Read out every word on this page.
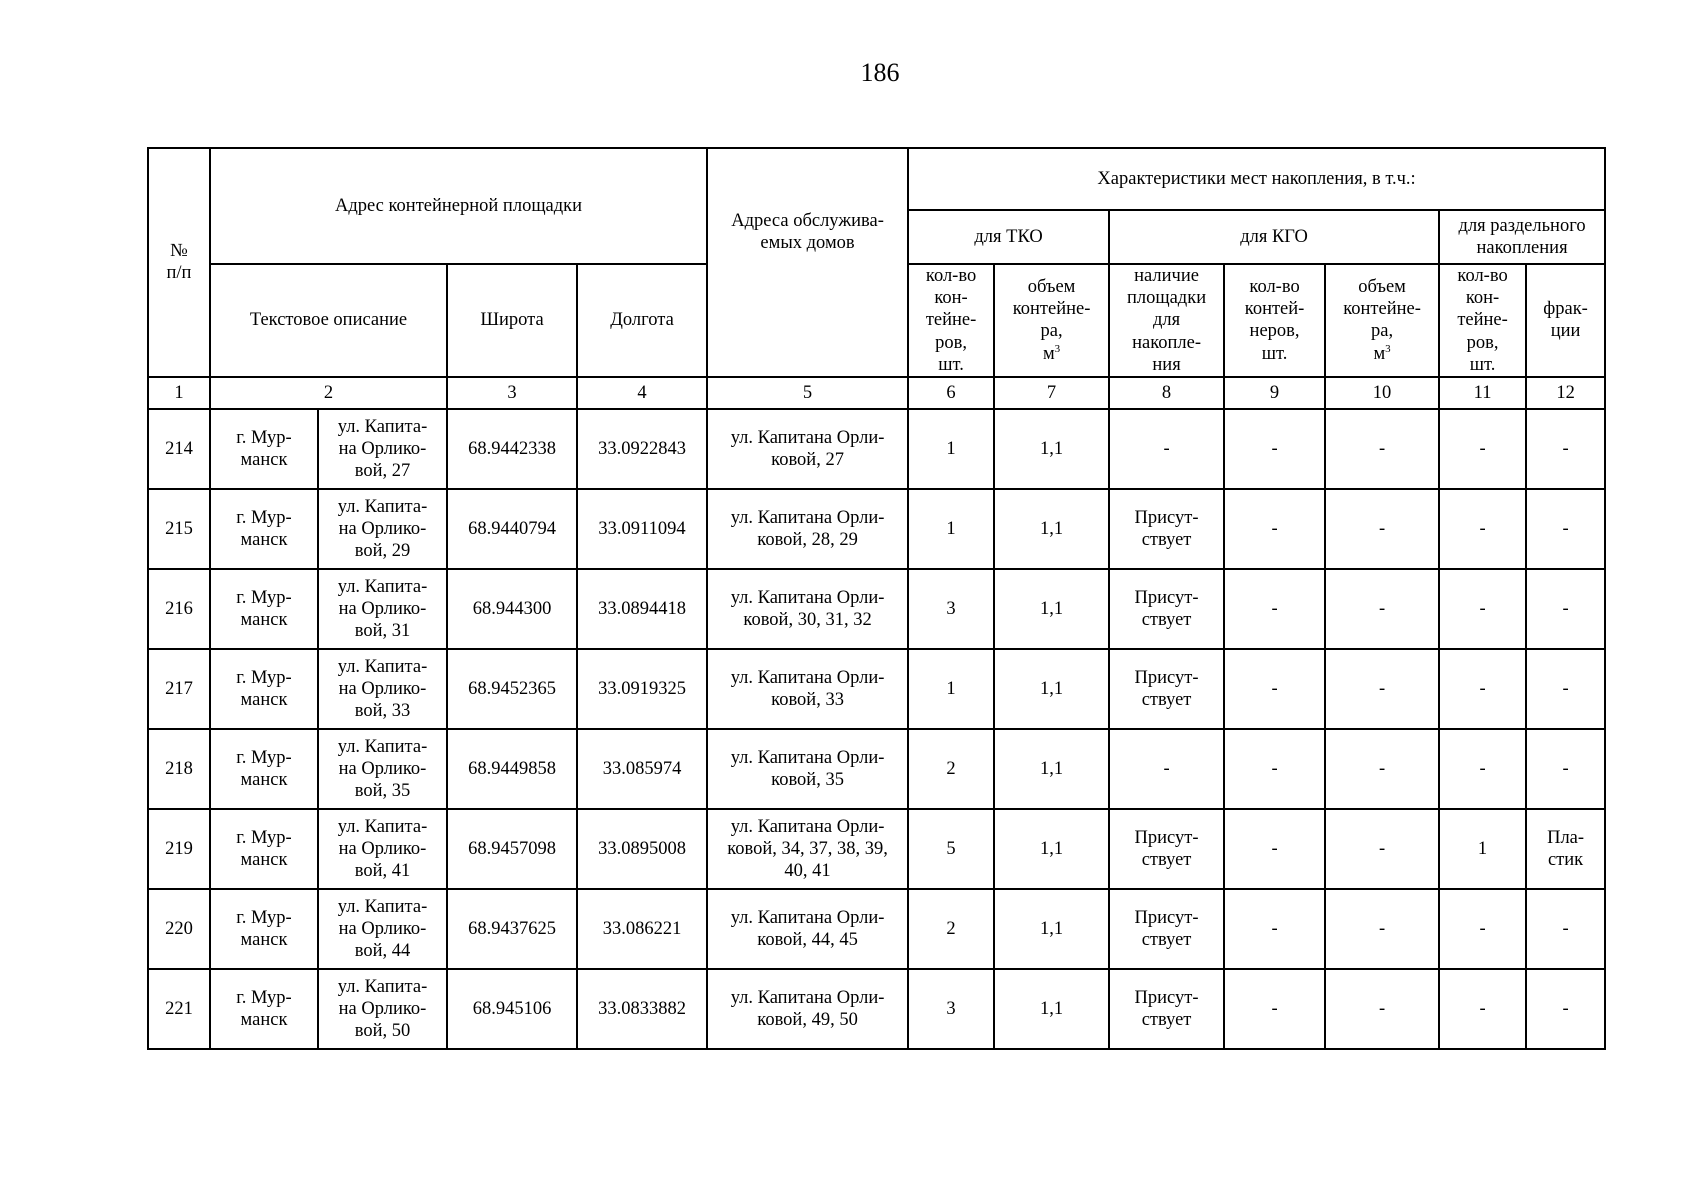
186
№
п/п	Адрес контейнерной площадки				Адреса обслужива-
емых домов	Характеристики мест накопления, в т.ч.:						
						для ТКО		для КГО			для раздельного
накопления	
	Текстовое описание		Широта	Долгота		кол-во
кон-
тейне-
ров,
шт.	объем
контейне-
ра,
$м^3$	наличие
площадки
для
накопле-
ния	кол-во
контей-
неров,
шт.	объем
контейне-
ра,
$м^3$	кол-во
кон-
тейне-
ров,
шт.	фрак-
ции
1	2		3	4	5	6	7	8	9	10	11	12
214	г. Мур-
манск	ул. Капита-
на Орлико-
вой, 27	68.9442338	33.0922843	ул. Капитана Орли-
ковой, 27	1	1,1	-	-	-	-	-
215	г. Мур-
манск	ул. Капита-
на Орлико-
вой, 29	68.9440794	33.0911094	ул. Капитана Орли-
ковой, 28, 29	1	1,1	Присут-
ствует	-	-	-	-
216	г. Мур-
манск	ул. Капита-
на Орлико-
вой, 31	68.944300	33.0894418	ул. Капитана Орли-
ковой, 30, 31, 32	3	1,1	Присут-
ствует	-	-	-	-
217	г. Мур-
манск	ул. Капита-
на Орлико-
вой, 33	68.9452365	33.0919325	ул. Капитана Орли-
ковой, 33	1	1,1	Присут-
ствует	-	-	-	-
218	г. Мур-
манск	ул. Капита-
на Орлико-
вой, 35	68.9449858	33.085974	ул. Капитана Орли-
ковой, 35	2	1,1	-	-	-	-	-
219	г. Мур-
манск	ул. Капита-
на Орлико-
вой, 41	68.9457098	33.0895008	ул. Капитана Орли-
ковой, 34, 37, 38, 39,
40, 41	5	1,1	Присут-
ствует	-	-	1	Пла-
стик
220	г. Мур-
манск	ул. Капита-
на Орлико-
вой, 44	68.9437625	33.086221	ул. Капитана Орли-
ковой, 44, 45	2	1,1	Присут-
ствует	-	-	-	-
221	г. Мур-
манск	ул. Капита-
на Орлико-
вой, 50	68.945106	33.0833882	ул. Капитана Орли-
ковой, 49, 50	3	1,1	Присут-
ствует	-	-	-	-
